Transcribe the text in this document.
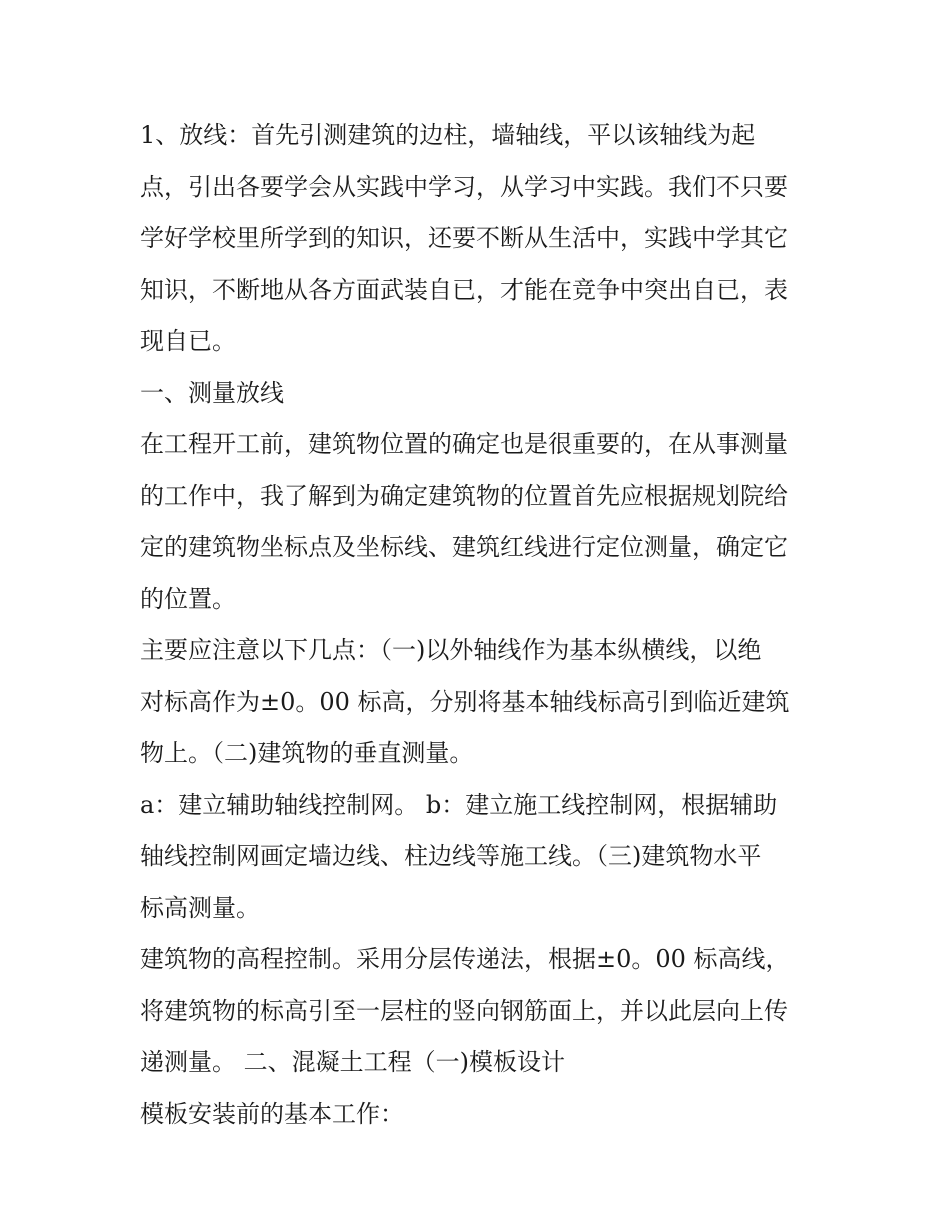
1、放线：首先引测建筑的边柱，墙轴线，平以该轴线为起
点，引出各要学会从实践中学习，从学习中实践。我们不只要
学好学校里所学到的知识，还要不断从生活中，实践中学其它
知识，不断地从各方面武装自已，才能在竞争中突出自已，表
现自已。
一、测量放线
在工程开工前，建筑物位置的确定也是很重要的，在从事测量
的工作中，我了解到为确定建筑物的位置首先应根据规划院给
定的建筑物坐标点及坐标线、建筑红线进行定位测量，确定它
的位置。
主要应注意以下几点：（一)以外轴线作为基本纵横线，以绝
对标高作为±0。00 标高，分别将基本轴线标高引到临近建筑
物上。（二)建筑物的垂直测量。
a：建立辅助轴线控制网。 b：建立施工线控制网，根据辅助
轴线控制网画定墙边线、柱边线等施工线。（三)建筑物水平
标高测量。
建筑物的高程控制。采用分层传递法，根据±0。00 标高线，
将建筑物的标高引至一层柱的竖向钢筋面上，并以此层向上传
递测量。 二、混凝土工程（一)模板设计
模板安装前的基本工作：
